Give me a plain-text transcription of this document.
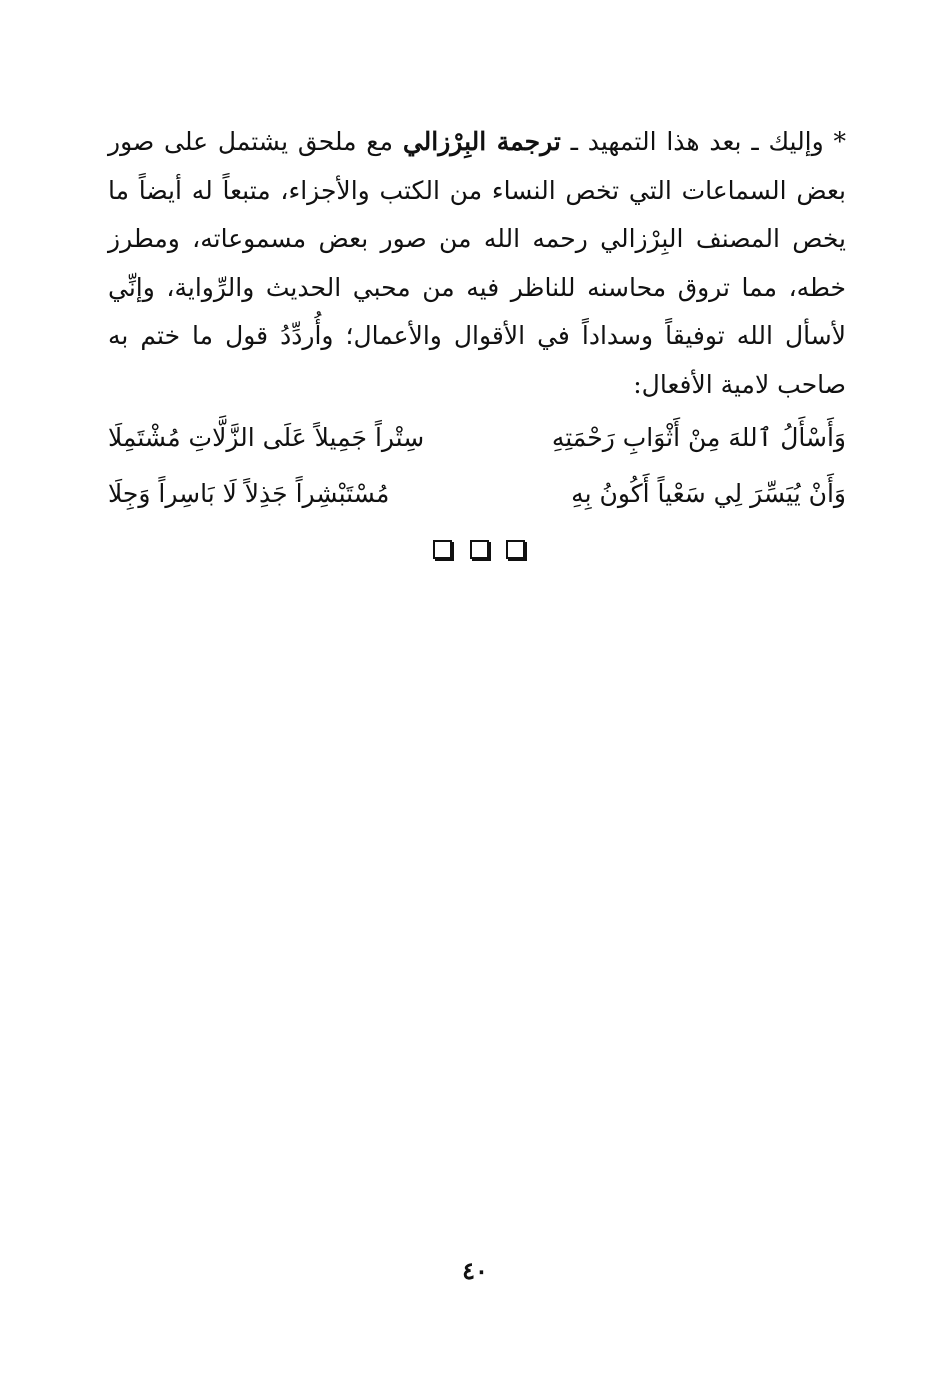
* وإليك ـ بعد هذا التمهيد ـ ترجمة البِرْزالي مع ملحق يشتمل على صور بعض السماعات التي تخص النساء من الكتب والأجزاء، متبعاً له أيضاً ما يخص المصنف البِرْزالي رحمه الله من صور بعض مسموعاته، ومطرز خطه، مما تروق محاسنه للناظر فيه من محبي الحديث والرِّواية، وإنِّي لأسأل الله توفيقاً وسداداً في الأقوال والأعمال؛ وأُردِّدُ قول ما ختم به صاحب لامية الأفعال:
وَأَسْأَلُ ٱللهَ مِنْ أَثْوَابِ رَحْمَتِهِ
سِتْراً جَمِيلاً عَلَى الزَّلَّاتِ مُشْتَمِلَا
وَأَنْ يُيَسِّرَ لِي سَعْياً أَكُونُ بِهِ
مُسْتَبْشِراً جَذِلاً لَا بَاسِراً وَجِلَا
٤٠
